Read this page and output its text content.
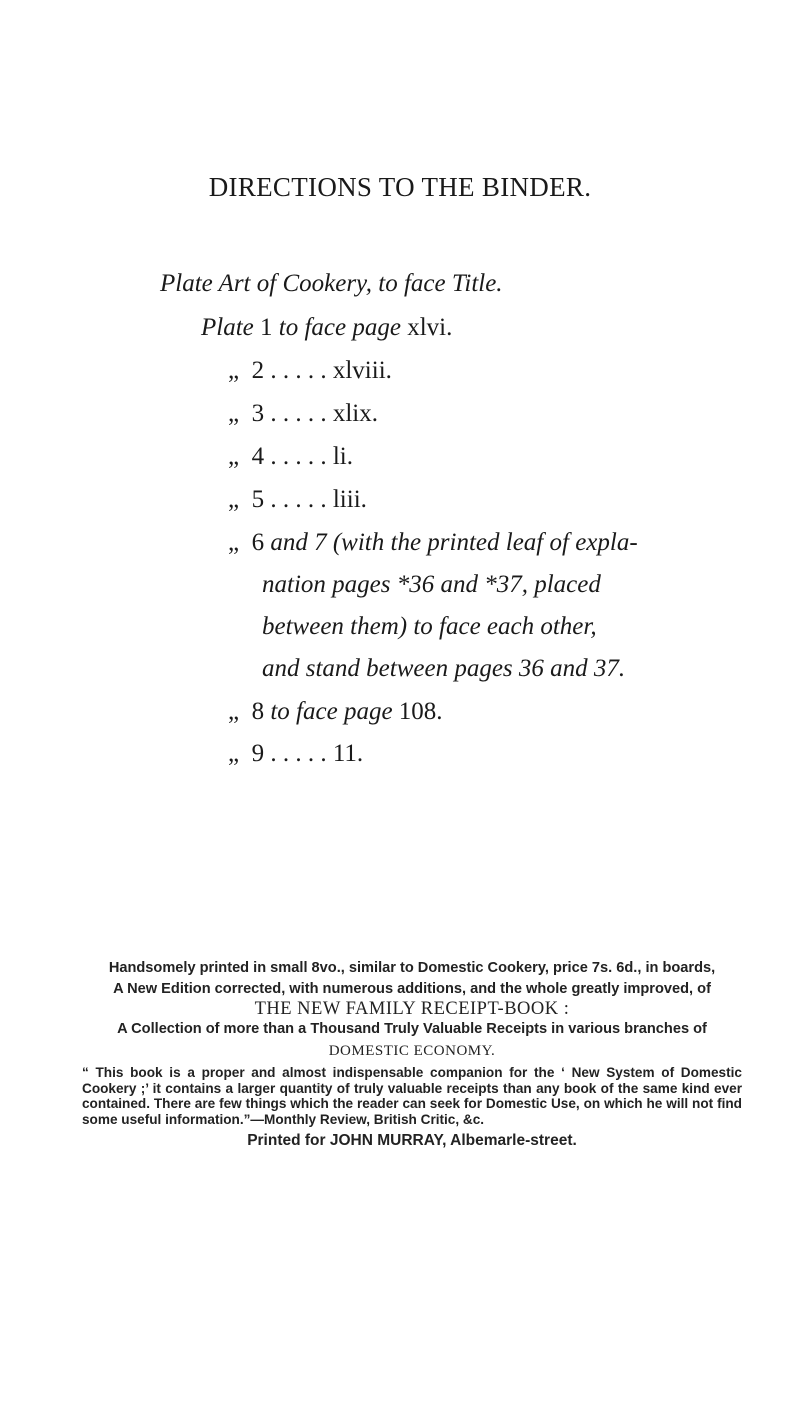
DIRECTIONS TO THE BINDER.
Plate Art of Cookery, to face Title.
Plate 1 to face page xlvi.
„ 2 . . . . . xlviii.
„ 3 . . . . . xlix.
„ 4 . . . . . li.
„ 5 . . . . . liii.
„ 6 and 7 (with the printed leaf of expla-
nation pages *36 and *37, placed
between them) to face each other,
and stand between pages 36 and 37.
„ 8 to face page 108.
„ 9 . . . . . 11.

Handsomely printed in small 8vo., similar to Domestic Cookery, price 7s. 6d., in boards,

A New Edition corrected, with numerous additions, and the whole greatly improved, of

THE NEW FAMILY RECEIPT-BOOK :

A Collection of more than a Thousand Truly Valuable Receipts in various branches of

DOMESTIC ECONOMY.

“ This book is a proper and almost indispensable companion for the ‘ New System of Domestic Cookery ;’ it contains a larger quantity of truly valuable receipts than any book of the same kind ever contained. There are few things which the reader can seek for Domestic Use, on which he will not find some useful information.”—Monthly Review, British Critic, &c.

Printed for JOHN MURRAY, Albemarle-street.
